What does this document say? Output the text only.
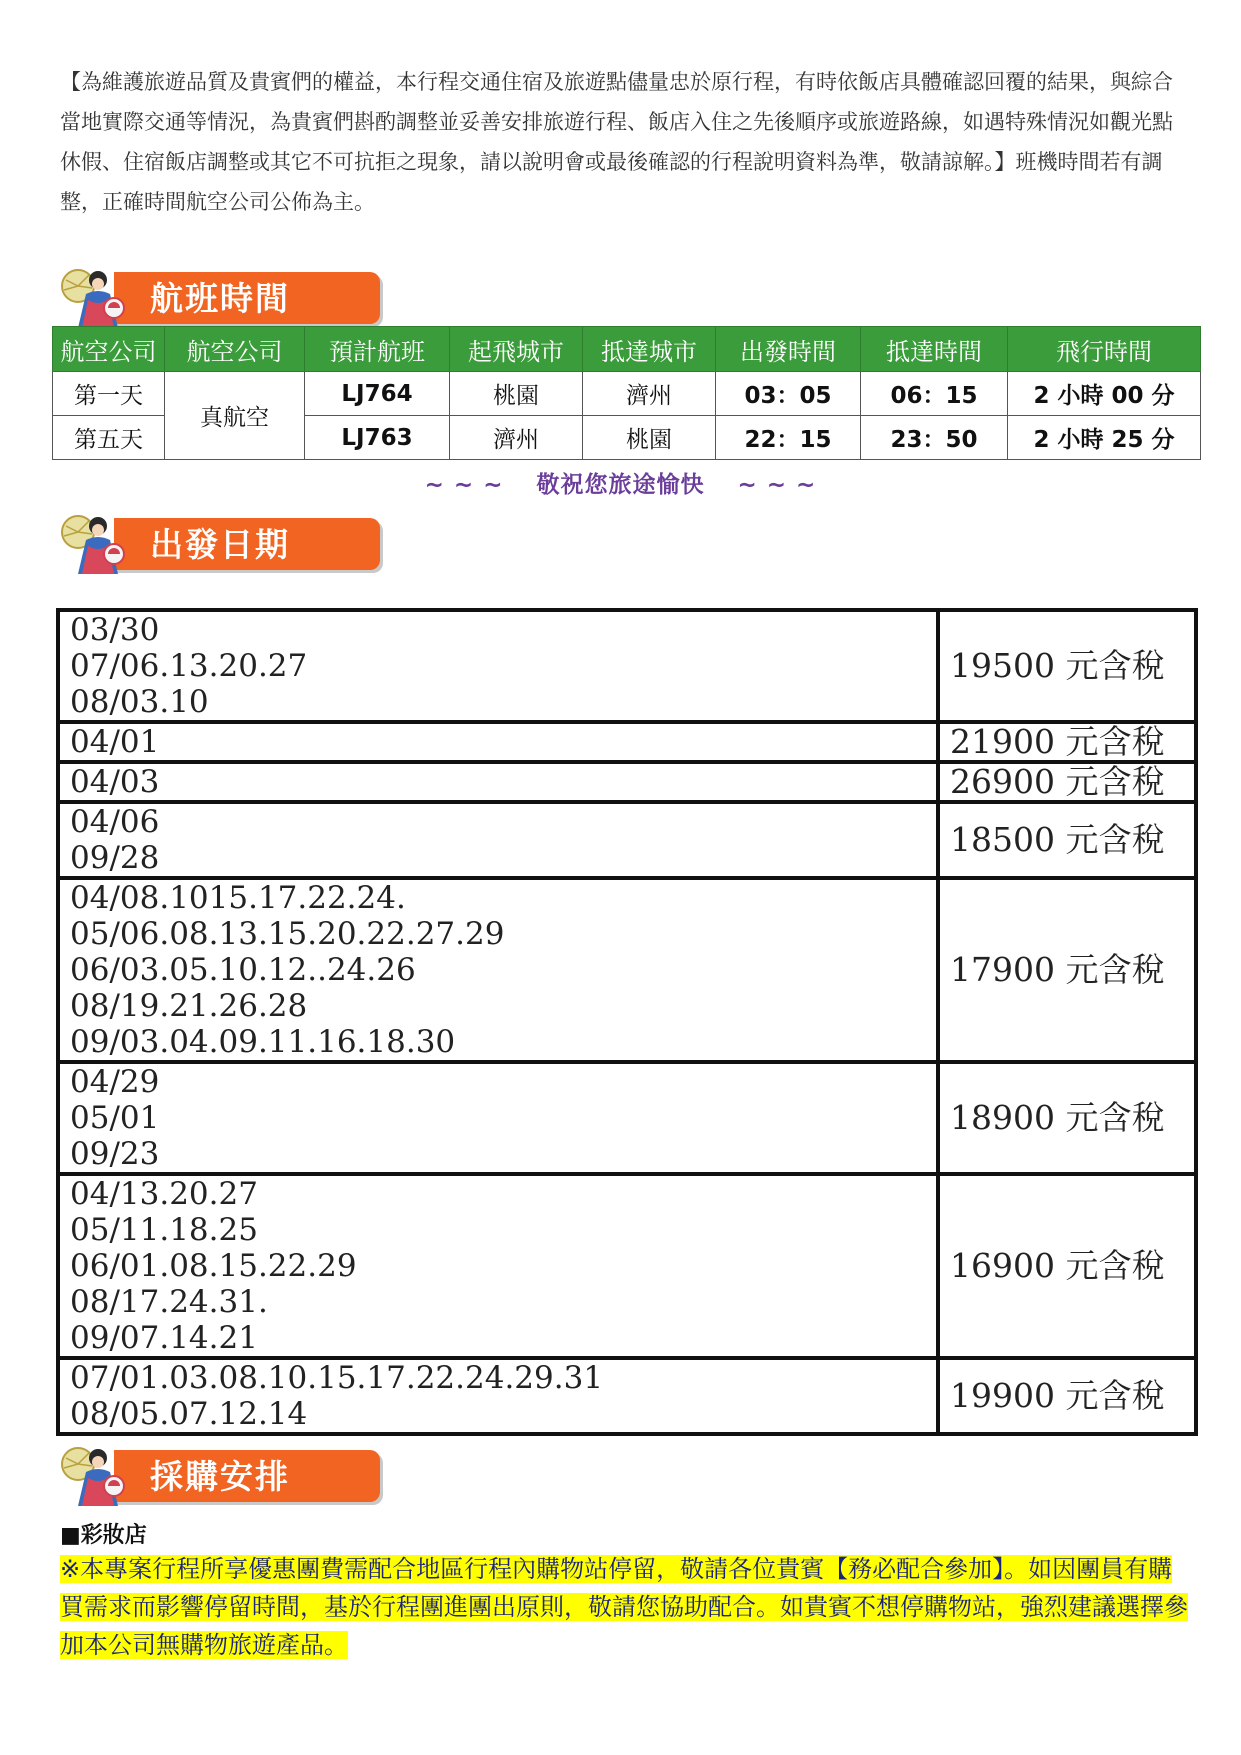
【為維護旅遊品質及貴賓們的權益，本行程交通住宿及旅遊點儘量忠於原行程，有時依飯店具體確認回覆的結果，與綜合當地實際交通等情況，為貴賓們斟酌調整並妥善安排旅遊行程、飯店入住之先後順序或旅遊路線，如遇特殊情況如觀光點休假、住宿飯店調整或其它不可抗拒之現象，請以說明會或最後確認的行程說明資料為準，敬請諒解。】班機時間若有調整，正確時間航空公司公佈為主。
航班時間
航空公司	航空公司	預計航班	起飛城市	抵達城市	出發時間	抵達時間	飛行時間
第一天	真航空	LJ764	桃園	濟州	03：05	06：15	2 小時 00 分
第五天		LJ763	濟州	桃園	22：15	23：50	2 小時 25 分
~ ~ ~　 敬祝您旅途愉快　 ~ ~ ~
出發日期
03/30
07/06.13.20.27
08/03.10	19500 元含稅

04/01	21900 元含稅

04/03	26900 元含稅

04/06
09/28	18500 元含稅

04/08.1015.17.22.24.
05/06.08.13.15.20.22.27.29
06/03.05.10.12..24.26
08/19.21.26.28
09/03.04.09.11.16.18.30	17900 元含稅

04/29
05/01
09/23	18900 元含稅

04/13.20.27
05/11.18.25
06/01.08.15.22.29
08/17.24.31.
09/07.14.21	16900 元含稅

07/01.03.08.10.15.17.22.24.29.31
08/05.07.12.14	19900 元含稅
採購安排
■彩妝店
※本專案行程所享優惠團費需配合地區行程內購物站停留，敬請各位貴賓【務必配合參加】。如因團員有購買需求而影響停留時間，基於行程團進團出原則，敬請您協助配合。如貴賓不想停購物站，強烈建議選擇參加本公司無購物旅遊產品。
